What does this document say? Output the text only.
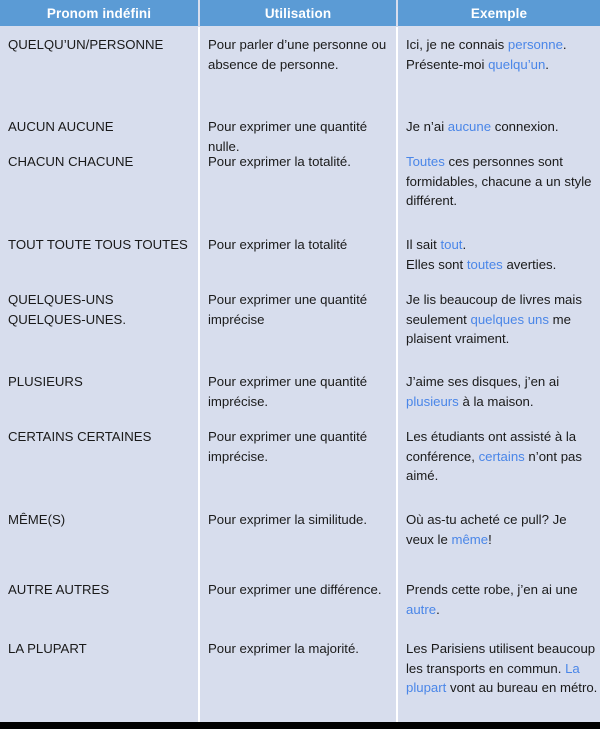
Pronom indéfini	Utilisation	Exemple
QUELQU’UN/PERSONNE
AUCUN AUCUNE
CHACUN CHACUNE
TOUT TOUTE TOUS TOUTES
QUELQUES-UNS QUELQUES-UNES.
PLUSIEURS
CERTAINS CERTAINES
MÊME(S)
AUTRE AUTRES
LA PLUPART
Pour parler d’une personne ou absence de personne.
Pour exprimer une quantité nulle.
Pour exprimer la totalité.
Pour exprimer la totalité
Pour exprimer une quantité imprécise
Pour exprimer une quantité imprécise.
Pour exprimer une quantité imprécise.
Pour exprimer la similitude.
Pour exprimer une différence.
Pour exprimer la majorité.
Ici, je ne connais personne.
Présente-moi quelqu’un.
Je n’ai aucune connexion.
Toutes ces personnes sont formidables, chacune a un style différent.
Il sait tout.
Elles sont toutes averties.
Je lis beaucoup de livres mais seulement quelques uns me plaisent vraiment.
J’aime ses disques, j’en ai plusieurs à la maison.
Les étudiants ont assisté à la conférence, certains n’ont pas aimé.
Où as-tu acheté ce pull? Je veux le même!
Prends cette robe, j’en ai une autre.
Les Parisiens utilisent beaucoup les transports en commun. La plupart vont au bureau en métro.
